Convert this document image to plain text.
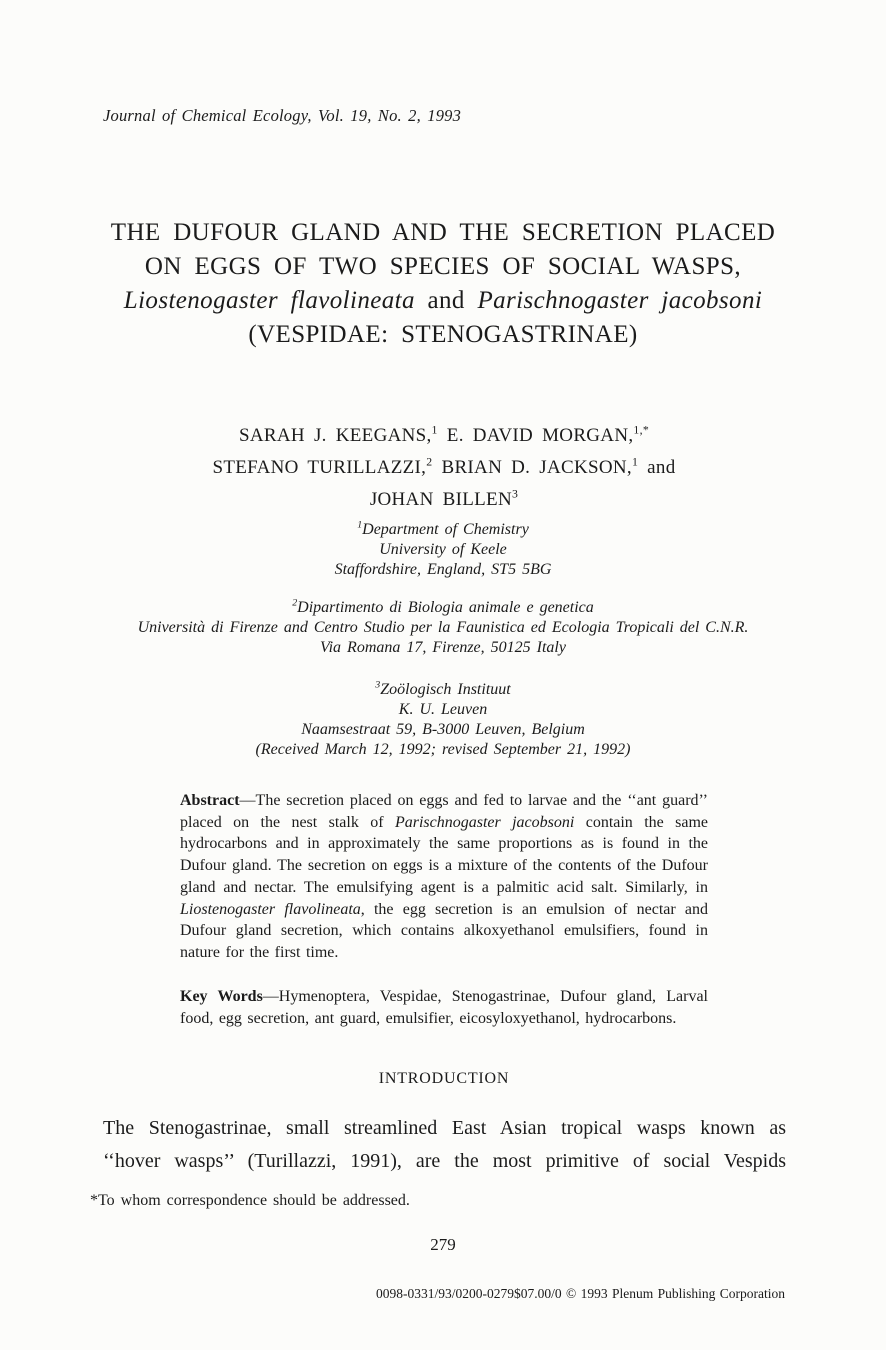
Journal of Chemical Ecology, Vol. 19, No. 2, 1993
THE DUFOUR GLAND AND THE SECRETION PLACED
ON EGGS OF TWO SPECIES OF SOCIAL WASPS,
Liostenogaster flavolineata and Parischnogaster jacobsoni
(VESPIDAE: STENOGASTRINAE)
SARAH J. KEEGANS,$^1$ E. DAVID MORGAN,$^{1,*}$
STEFANO TURILLAZZI,$^2$ BRIAN D. JACKSON,$^1$ and
JOHAN BILLEN$^3$
$^1$Department of Chemistry
University of Keele
Staffordshire, England, ST5 5BG
$^2$Dipartimento di Biologia animale e genetica
Università di Firenze and Centro Studio per la Faunistica ed Ecologia Tropicali del C.N.R.
Via Romana 17, Firenze, 50125 Italy
$^3$Zoölogisch Instituut
K. U. Leuven
Naamsestraat 59, B-3000 Leuven, Belgium
(Received March 12, 1992; revised September 21, 1992)
Abstract—The secretion placed on eggs and fed to larvae and the ‘‘ant guard’’ placed on the nest stalk of Parischnogaster jacobsoni contain the same hydrocarbons and in approximately the same proportions as is found in the Dufour gland. The secretion on eggs is a mixture of the contents of the Dufour gland and nectar. The emulsifying agent is a palmitic acid salt. Similarly, in Liostenogaster flavolineata, the egg secretion is an emulsion of nectar and Dufour gland secretion, which contains alkoxyethanol emulsifiers, found in nature for the first time.
Key Words—Hymenoptera, Vespidae, Stenogastrinae, Dufour gland, Larval food, egg secretion, ant guard, emulsifier, eicosyloxyethanol, hydrocarbons.
INTRODUCTION
The Stenogastrinae, small streamlined East Asian tropical wasps known as ‘‘hover wasps’’ (Turillazzi, 1991), are the most primitive of social Vespids
*To whom correspondence should be addressed.
279
0098-0331/93/0200-0279$07.00/0 © 1993 Plenum Publishing Corporation
